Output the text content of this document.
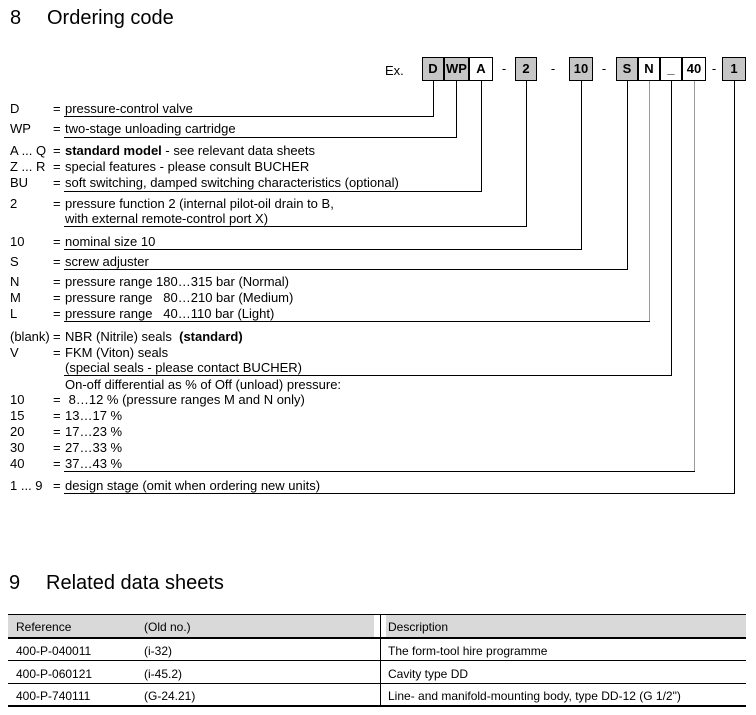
8 Ordering code
Ex.	D WP A	-	2	-	10	-	S N	_ 40 -	1
D	= pressure-control valve
WP = two-stage unloading cartridge
A ... Q = standard model - see relevant data sheets
Z ... R = special features - please consult BUCHER
BU = soft switching, damped switching characteristics (optional)
2	= pressure function 2 (internal pilot-oil drain to B,
with external remote-control port X)
10 = nominal size 10
S	= screw adjuster
N	= pressure range 180…315 bar (Normal)
M = pressure range   80…210 bar (Medium)
L	= pressure range   40…110 bar (Light)
(blank) = NBR (Nitrile) seals  (standard)
V	= FKM (Viton) seals
(special seals - please contact BUCHER)
On-off differential as % of Off (unload) pressure:
10 = 8…12 % (pressure ranges M and N only)
15 = 13…17 %
20 = 17…23 %
30 = 27…33 %
40 = 37…43 %
1 ... 9 = design stage (omit when ordering new units)
9 Related data sheets
Reference	(Old no.)	Description
400-P-040011	(i-32)	The form-tool hire programme
400-P-060121	(i-45.2)	Cavity type DD
400-P-740111	(G-24.21)	Line- and manifold-mounting body, type DD-12 (G 1/2")
